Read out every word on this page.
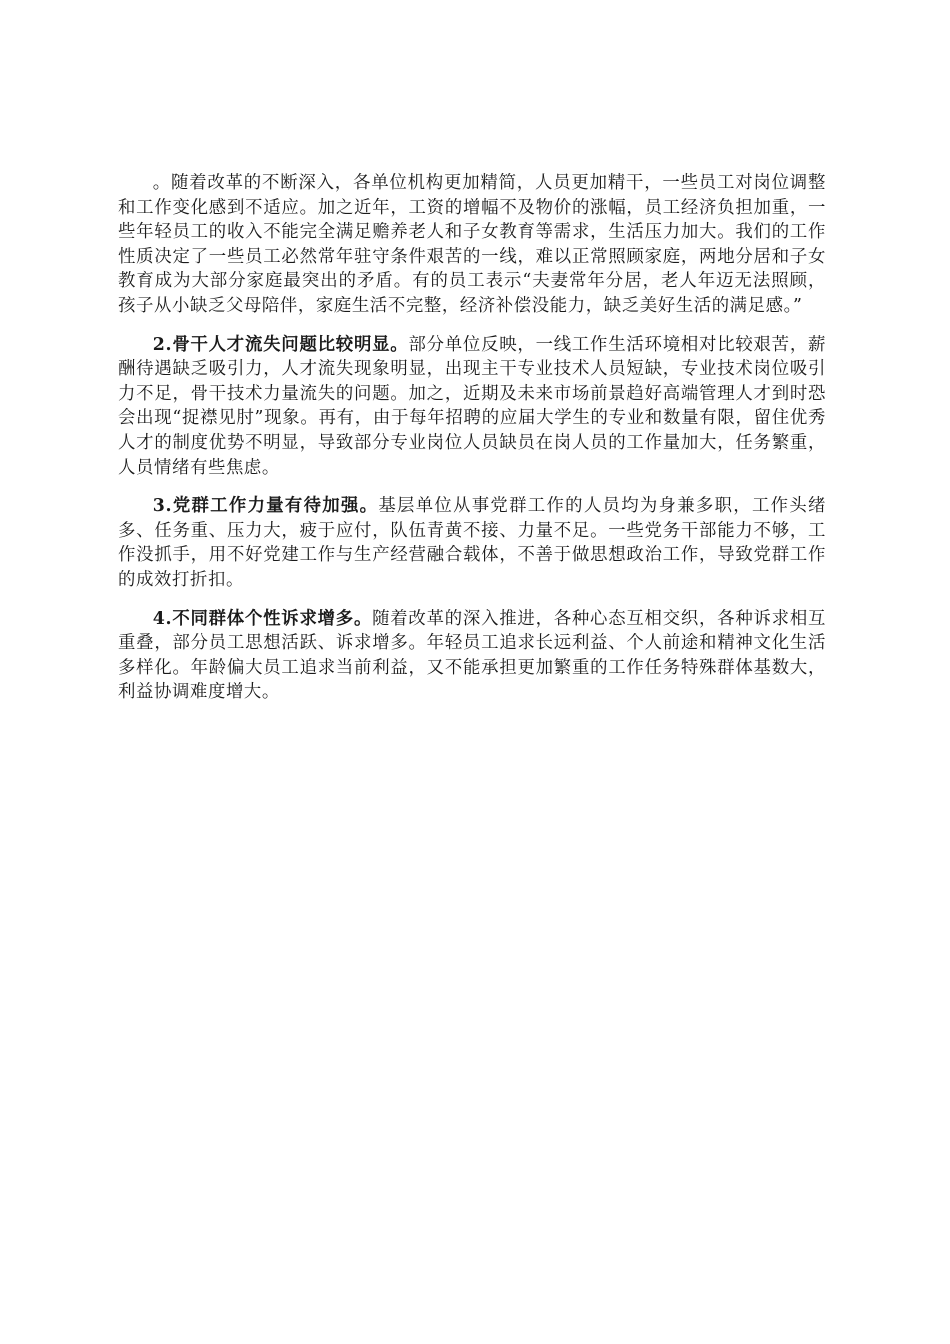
。随着改革的不断深入，各单位机构更加精简，人员更加精干，一些员工对岗位调整和工作变化感到不适应。加之近年，工资的增幅不及物价的涨幅，员工经济负担加重，一些年轻员工的收入不能完全满足赡养老人和子女教育等需求，生活压力加大。我们的工作性质决定了一些员工必然常年驻守条件艰苦的一线，难以正常照顾家庭，两地分居和子女教育成为大部分家庭最突出的矛盾。有的员工表示“夫妻常年分居，老人年迈无法照顾，孩子从小缺乏父母陪伴，家庭生活不完整，经济补偿没能力，缺乏美好生活的满足感。”

2.骨干人才流失问题比较明显。部分单位反映，一线工作生活环境相对比较艰苦，薪酬待遇缺乏吸引力，人才流失现象明显，出现主干专业技术人员短缺，专业技术岗位吸引力不足，骨干技术力量流失的问题。加之，近期及未来市场前景趋好高端管理人才到时恐会出现“捉襟见肘”现象。再有，由于每年招聘的应届大学生的专业和数量有限，留住优秀人才的制度优势不明显，导致部分专业岗位人员缺员在岗人员的工作量加大，任务繁重，人员情绪有些焦虑。

3.党群工作力量有待加强。基层单位从事党群工作的人员均为身兼多职，工作头绪多、任务重、压力大，疲于应付，队伍青黄不接、力量不足。一些党务干部能力不够，工作没抓手，用不好党建工作与生产经营融合载体，不善于做思想政治工作，导致党群工作的成效打折扣。

4.不同群体个性诉求增多。随着改革的深入推进，各种心态互相交织，各种诉求相互重叠，部分员工思想活跃、诉求增多。年轻员工追求长远利益、个人前途和精神文化生活多样化。年龄偏大员工追求当前利益，又不能承担更加繁重的工作任务特殊群体基数大，利益协调难度增大。
